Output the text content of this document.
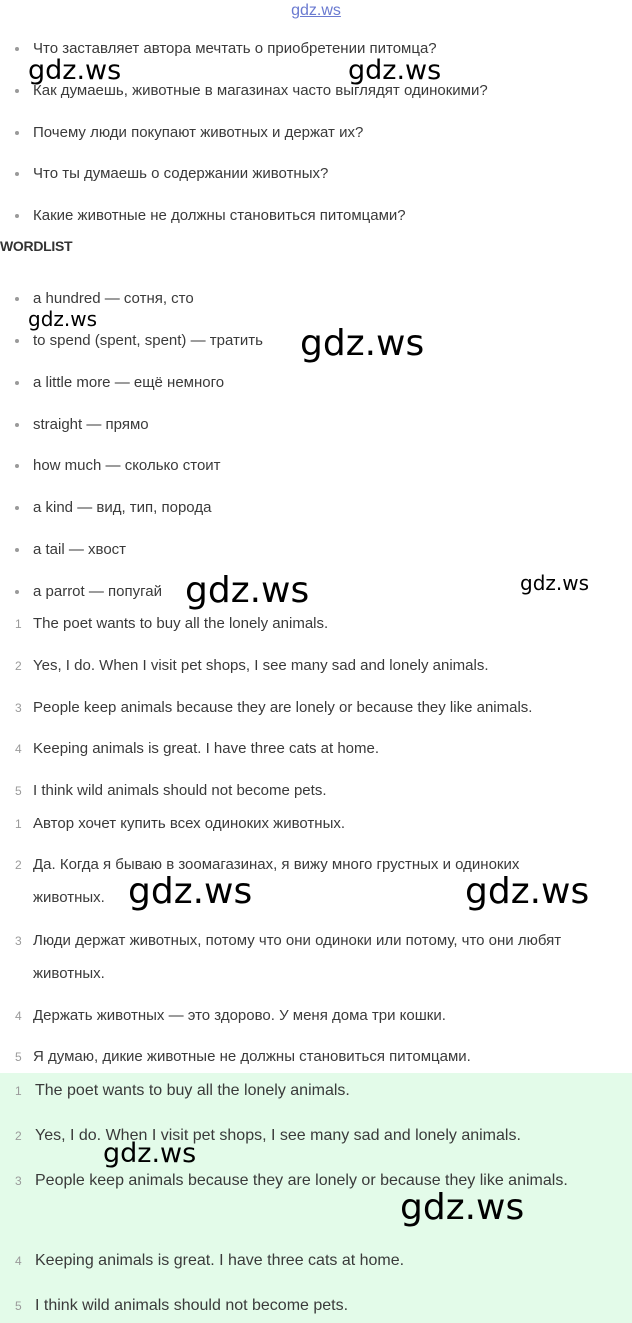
gdz.ws
Что заставляет автора мечтать о приобретении питомца?
Как думаешь, животные в магазинах часто выглядят одинокими?
Почему люди покупают животных и держат их?
Что ты думаешь о содержании животных?
Какие животные не должны становиться питомцами?
WORDLIST
a hundred — сотня, сто
to spend (spent, spent) — тратить
a little more — ещё немного
straight — прямо
how much — сколько стоит
a kind — вид, тип, порода
a tail — хвост
a parrot — попугай
1 The poet wants to buy all the lonely animals.
2 Yes, I do. When I visit pet shops, I see many sad and lonely animals.
3 People keep animals because they are lonely or because they like animals.
4 Keeping animals is great. I have three cats at home.
5 I think wild animals should not become pets.
1 Автор хочет купить всех одиноких животных.
2 Да. Когда я бываю в зоомагазинах, я вижу много грустных и одиноких животных.
3 Люди держат животных, потому что они одиноки или потому, что они любят животных.
4 Держать животных — это здорово. У меня дома три кошки.
5 Я думаю, дикие животные не должны становиться питомцами.
1 The poet wants to buy all the lonely animals.
2 Yes, I do. When I visit pet shops, I see many sad and lonely animals.
3 People keep animals because they are lonely or because they like animals.
4 Keeping animals is great. I have three cats at home.
5 I think wild animals should not become pets.
gdz.ws	gdz.ws
gdz.ws
gdz.ws
gdz.ws	gdz.ws
gdz.ws	gdz.ws
gdz.ws
gdz.ws
